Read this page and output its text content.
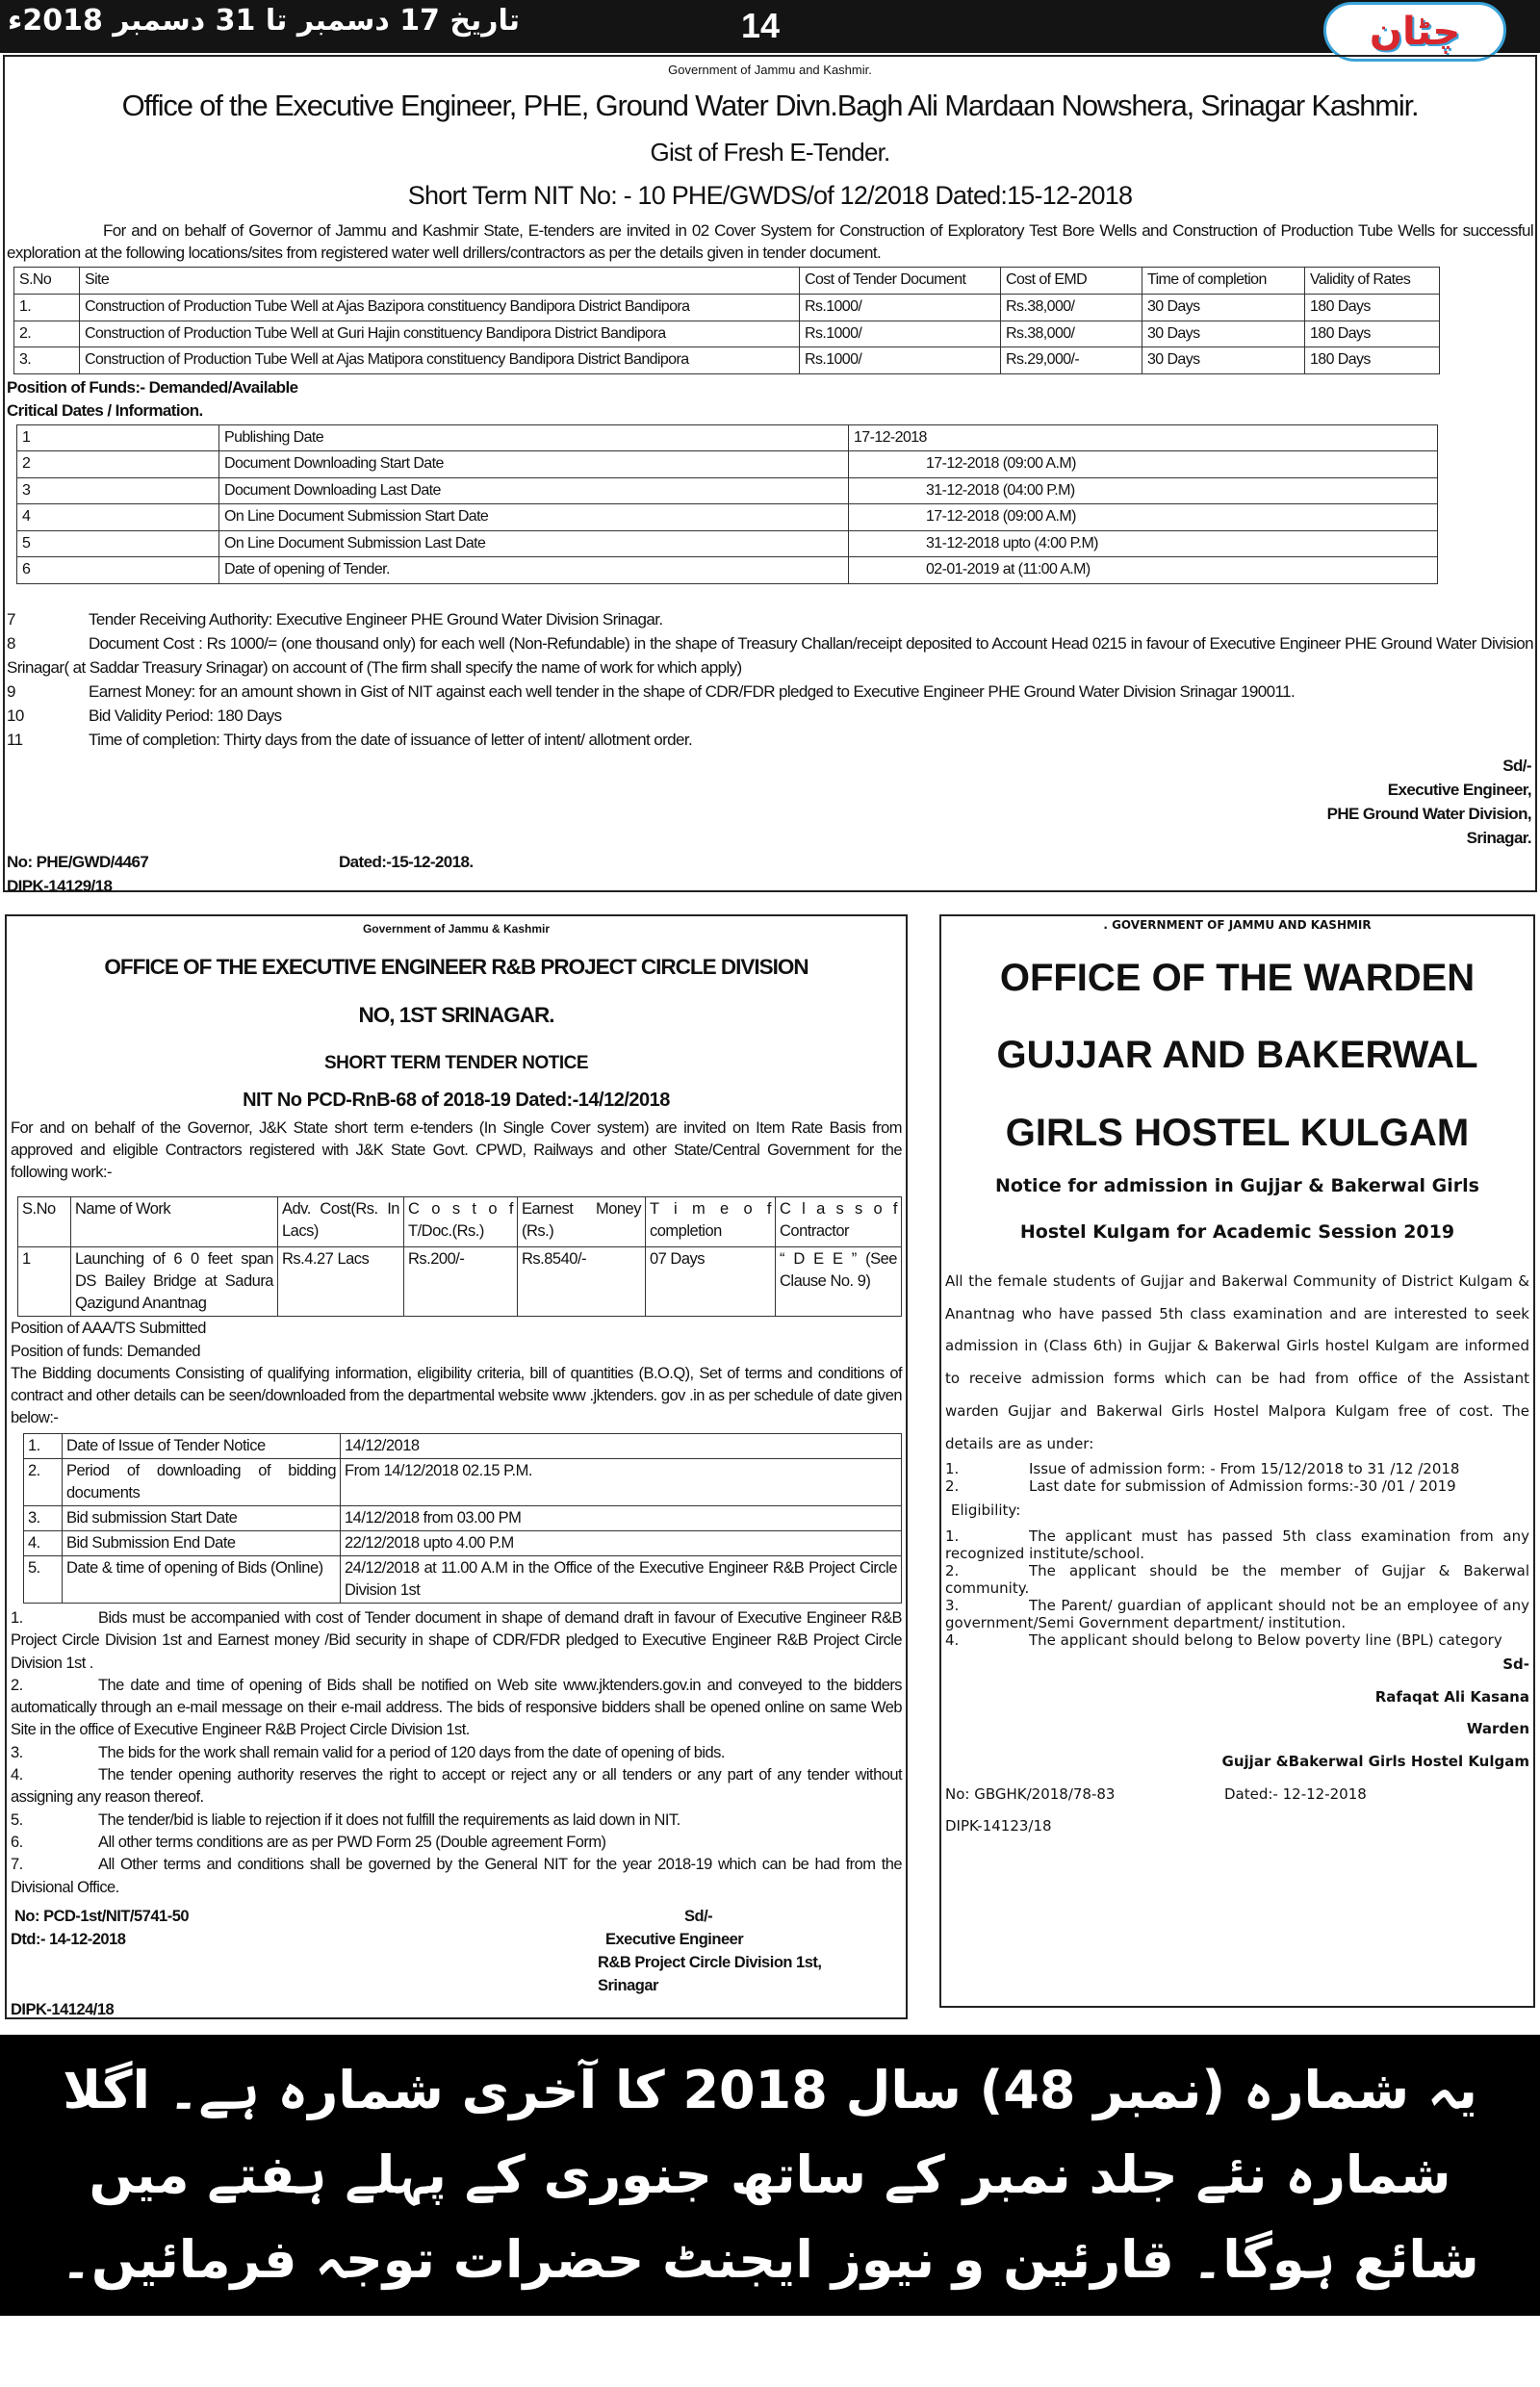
تاریخ 17 دسمبر تا 31 دسمبر 2018ء	14	چٹان
Government of Jammu and Kashmir.
Office of the Executive Engineer, PHE, Ground Water Divn.Bagh Ali Mardaan Nowshera, Srinagar Kashmir.
Gist of Fresh E-Tender.
Short Term NIT No: - 10 PHE/GWDS/of 12/2018 Dated:15-12-2018

For and on behalf of Governor of Jammu and Kashmir State, E-tenders are invited in 02 Cover System for Construction of Exploratory Test Bore Wells and Construction of Production Tube Wells for successful exploration at the following locations/sites from registered water well drillers/contractors as per the details given in tender document.

S.No	Site	Cost of Tender Document	Cost of EMD	Time of completion	Validity of Rates
1.	Construction of Production Tube Well at Ajas Bazipora constituency Bandipora District Bandipora	Rs.1000/	Rs.38,000/	30 Days	180 Days
2.	Construction of Production Tube Well at Guri Hajin constituency Bandipora District Bandipora	Rs.1000/	Rs.38,000/	30 Days	180 Days
3.	Construction of Production Tube Well at Ajas Matipora constituency Bandipora District Bandipora	Rs.1000/	Rs.29,000/-	30 Days	180 Days
Position of Funds:- Demanded/Available
Critical Dates / Information.
1	Publishing Date	17-12-2018
2	Document Downloading Start Date	17-12-2018 (09:00 A.M)
3	Document Downloading Last Date	31-12-2018 (04:00 P.M)
4	On Line Document Submission Start Date	17-12-2018 (09:00 A.M)
5	On Line Document Submission Last Date	31-12-2018 upto (4:00 P.M)
6	Date of opening of Tender.	02-01-2019 at (11:00 A.M)

7	Tender Receiving Authority: Executive Engineer PHE Ground Water Division Srinagar.

8	Document Cost : Rs 1000/= (one thousand only) for each well (Non-Refundable) in the shape of Treasury Challan/receipt deposited to Account Head 0215 in favour of Executive Engineer PHE Ground Water Division Srinagar( at Saddar Treasury Srinagar) on account of (The firm shall specify the name of work for which apply)

9	Earnest Money: for an amount shown in Gist of NIT against each well tender in the shape of CDR/FDR pledged to Executive Engineer PHE Ground Water Division Srinagar 190011.

10	Bid Validity Period: 180 Days

11	Time of completion: Thirty days from the date of issuance of letter of intent/ allotment order.

Sd/-
Executive Engineer,
PHE Ground Water Division,
Srinagar.
No: PHE/GWD/4467	Dated:-15-12-2018.
DIPK-14129/18
Government of Jammu & Kashmir
OFFICE OF THE EXECUTIVE ENGINEER R&B PROJECT CIRCLE DIVISION
NO, 1ST SRINAGAR.
SHORT TERM TENDER NOTICE
NIT No PCD-RnB-68 of 2018-19 Dated:-14/12/2018

For and on behalf of the Governor, J&K State short term e-tenders (In Single Cover system) are invited on Item Rate Basis from approved and eligible Contractors registered with J&K State Govt. CPWD, Railways and other State/Central Government for the following work:-

S.No	Name of Work	Adv. Cost(Rs. In Lacs)	C o s t o f T/Doc.(Rs.)	Earnest Money (Rs.)	T i m e o f completion	C l a s s o f Contractor
1	Launching of 6 0 feet span DS Bailey Bridge at Sadura Qazigund Anantnag	Rs.4.27 Lacs	Rs.200/-	Rs.8540/-	07 Days	“ D E E ” (See Clause No. 9)
Position of AAA/TS Submitted
Position of funds: Demanded

The Bidding documents Consisting of qualifying information, eligibility criteria, bill of quantities (B.O.Q), Set of terms and conditions of contract and other details can be seen/downloaded from the departmental website www .jktenders. gov .in as per schedule of date given below:-

1.	Date of Issue of Tender Notice	14/12/2018
2.	Period of downloading of bidding documents	From 14/12/2018 02.15 P.M.
3.	Bid submission Start Date	14/12/2018 from 03.00 PM
4.	Bid Submission End Date	22/12/2018 upto 4.00 P.M
5.	Date & time of opening of Bids (Online)	24/12/2018 at 11.00 A.M in the Office of the Executive Engineer R&B Project Circle Division 1st

1.	Bids must be accompanied with cost of Tender document in shape of demand draft in favour of Executive Engineer R&B Project Circle Division 1st and Earnest money /Bid security in shape of CDR/FDR pledged to Executive Engineer R&B Project Circle Division 1st .

2.	The date and time of opening of Bids shall be notified on Web site www.jktenders.gov.in and conveyed to the bidders automatically through an e-mail message on their e-mail address. The bids of responsive bidders shall be opened online on same Web Site in the office of Executive Engineer R&B Project Circle Division 1st.

3.	The bids for the work shall remain valid for a period of 120 days from the date of opening of bids.

4.	The tender opening authority reserves the right to accept or reject any or all tenders or any part of any tender without assigning any reason thereof.

5.	The tender/bid is liable to rejection if it does not fulfill the requirements as laid down in NIT.

6.	All other terms conditions are as per PWD Form 25 (Double agreement Form)

7.	All Other terms and conditions shall be governed by the General NIT for the year 2018-19 which can be had from the Divisional Office.

No: PCD-1st/NIT/5741-50
Dtd:- 14-12-2018
Sd/-
Executive Engineer
R&B Project Circle Division 1st,
Srinagar
DIPK-14124/18
. GOVERNMENT OF JAMMU AND KASHMIR
OFFICE OF THE WARDEN
GUJJAR AND BAKERWAL
GIRLS HOSTEL KULGAM
Notice for admission in Gujjar & Bakerwal Girls
Hostel Kulgam for Academic Session 2019

All the female students of Gujjar and Bakerwal Community of District Kulgam & Anantnag who have passed 5th class examination and are interested to seek admission in (Class 6th) in Gujjar & Bakerwal Girls hostel Kulgam are informed to receive admission forms which can be had from office of the Assistant warden Gujjar and Bakerwal Girls Hostel Malpora Kulgam free of cost. The details are as under:

1.	Issue of admission form: - From 15/12/2018 to 31 /12 /2018

2.	Last date for submission of Admission forms:-30 /01 / 2019

Eligibility:

1.	The applicant must has passed 5th class examination from any recognized institute/school.

2.	The applicant should be the member of Gujjar & Bakerwal community.

3.	The Parent/ guardian of applicant should not be an employee of any government/Semi Government department/ institution.

4.	The applicant should belong to Below poverty line (BPL) category

Sd-
Rafaqat Ali Kasana
Warden
Gujjar &Bakerwal Girls Hostel Kulgam
No: GBGHK/2018/78-83	Dated:- 12-12-2018
DIPK-14123/18
یہ شمارہ (نمبر 48) سال 2018 کا آخری شمارہ ہے۔ اگلا
شمارہ نئے جلد نمبر کے ساتھ جنوری کے پہلے ہفتے میں
شائع ہوگا۔ قارئین و نیوز ایجنٹ حضرات توجہ فرمائیں۔ ادارہ
